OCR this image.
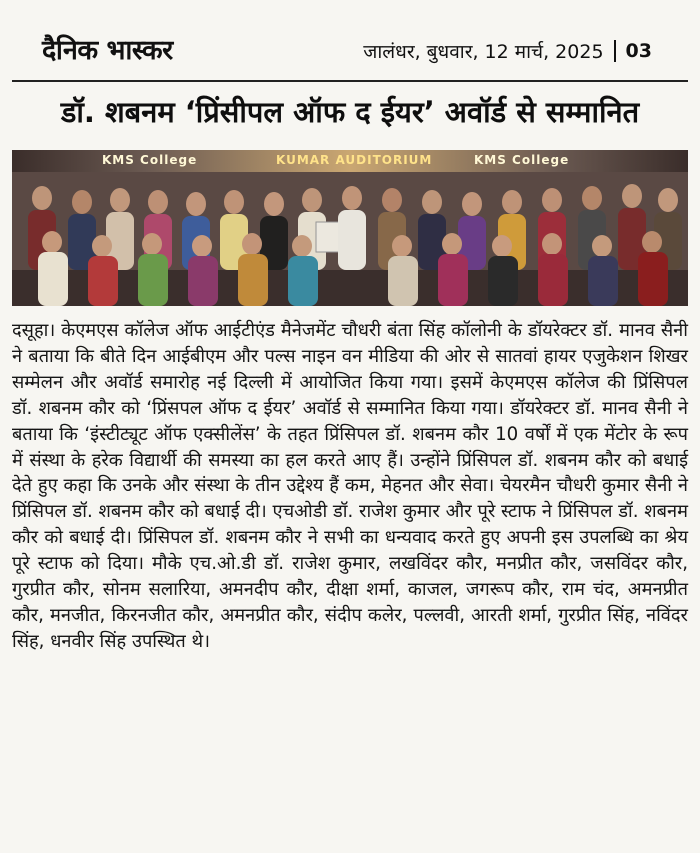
दैनिक भास्कर	जालंधर, बुधवार, 12 मार्च, 2025 03
डॉ. शबनम ‘प्रिंसीपल ऑफ द ईयर’ अवॉर्ड से सम्मानित
KMS College	KUMAR AUDITORIUM	KMS College
दसूहा। केएमएस कॉलेज ऑफ आईटीएंड मैनेजमेंट चौधरी बंता सिंह कॉलोनी के डॉयरेक्टर डॉ. मानव सैनी ने बताया कि बीते दिन आईबीएम और पल्स नाइन वन मीडिया की ओर से सातवां हायर एजुकेशन शिखर सम्मेलन और अवॉर्ड समारोह नई दिल्ली में आयोजित किया गया। इसमें केएमएस कॉलेज की प्रिंसिपल डॉ. शबनम कौर को ‘प्रिंसपल ऑफ द ईयर’ अवॉर्ड से सम्मानित किया गया। डॉयरेक्टर डॉ. मानव सैनी ने बताया कि ‘इंस्टीट्यूट ऑफ एक्सीलेंस’ के तहत प्रिंसिपल डॉ. शबनम कौर 10 वर्षों में एक मेंटोर के रूप में संस्था के हरेक विद्यार्थी की समस्या का हल करते आए हैं। उन्होंने प्रिंसिपल डॉ. शबनम कौर को बधाई देते हुए कहा कि उनके और संस्था के तीन उद्देश्य हैं कम, मेहनत और सेवा। चेयरमैन चौधरी कुमार सैनी ने प्रिंसिपल डॉ. शबनम कौर को बधाई दी। एचओडी डॉ. राजेश कुमार और पूरे स्टाफ ने प्रिंसिपल डॉ. शबनम कौर को बधाई दी। प्रिंसिपल डॉ. शबनम कौर ने सभी का धन्यवाद करते हुए अपनी इस उपलब्धि का श्रेय पूरे स्टाफ को दिया। मौके एच.ओ.डी डॉ. राजेश कुमार, लखविंदर कौर, मनप्रीत कौर, जसविंदर कौर, गुरप्रीत कौर, सोनम सलारिया, अमनदीप कौर, दीक्षा शर्मा, काजल, जगरूप कौर, राम चंद, अमनप्रीत कौर, मनजीत, किरनजीत कौर, अमनप्रीत कौर, संदीप कलेर, पल्लवी, आरती शर्मा, गुरप्रीत सिंह, नविंदर सिंह, धनवीर सिंह उपस्थित थे।
